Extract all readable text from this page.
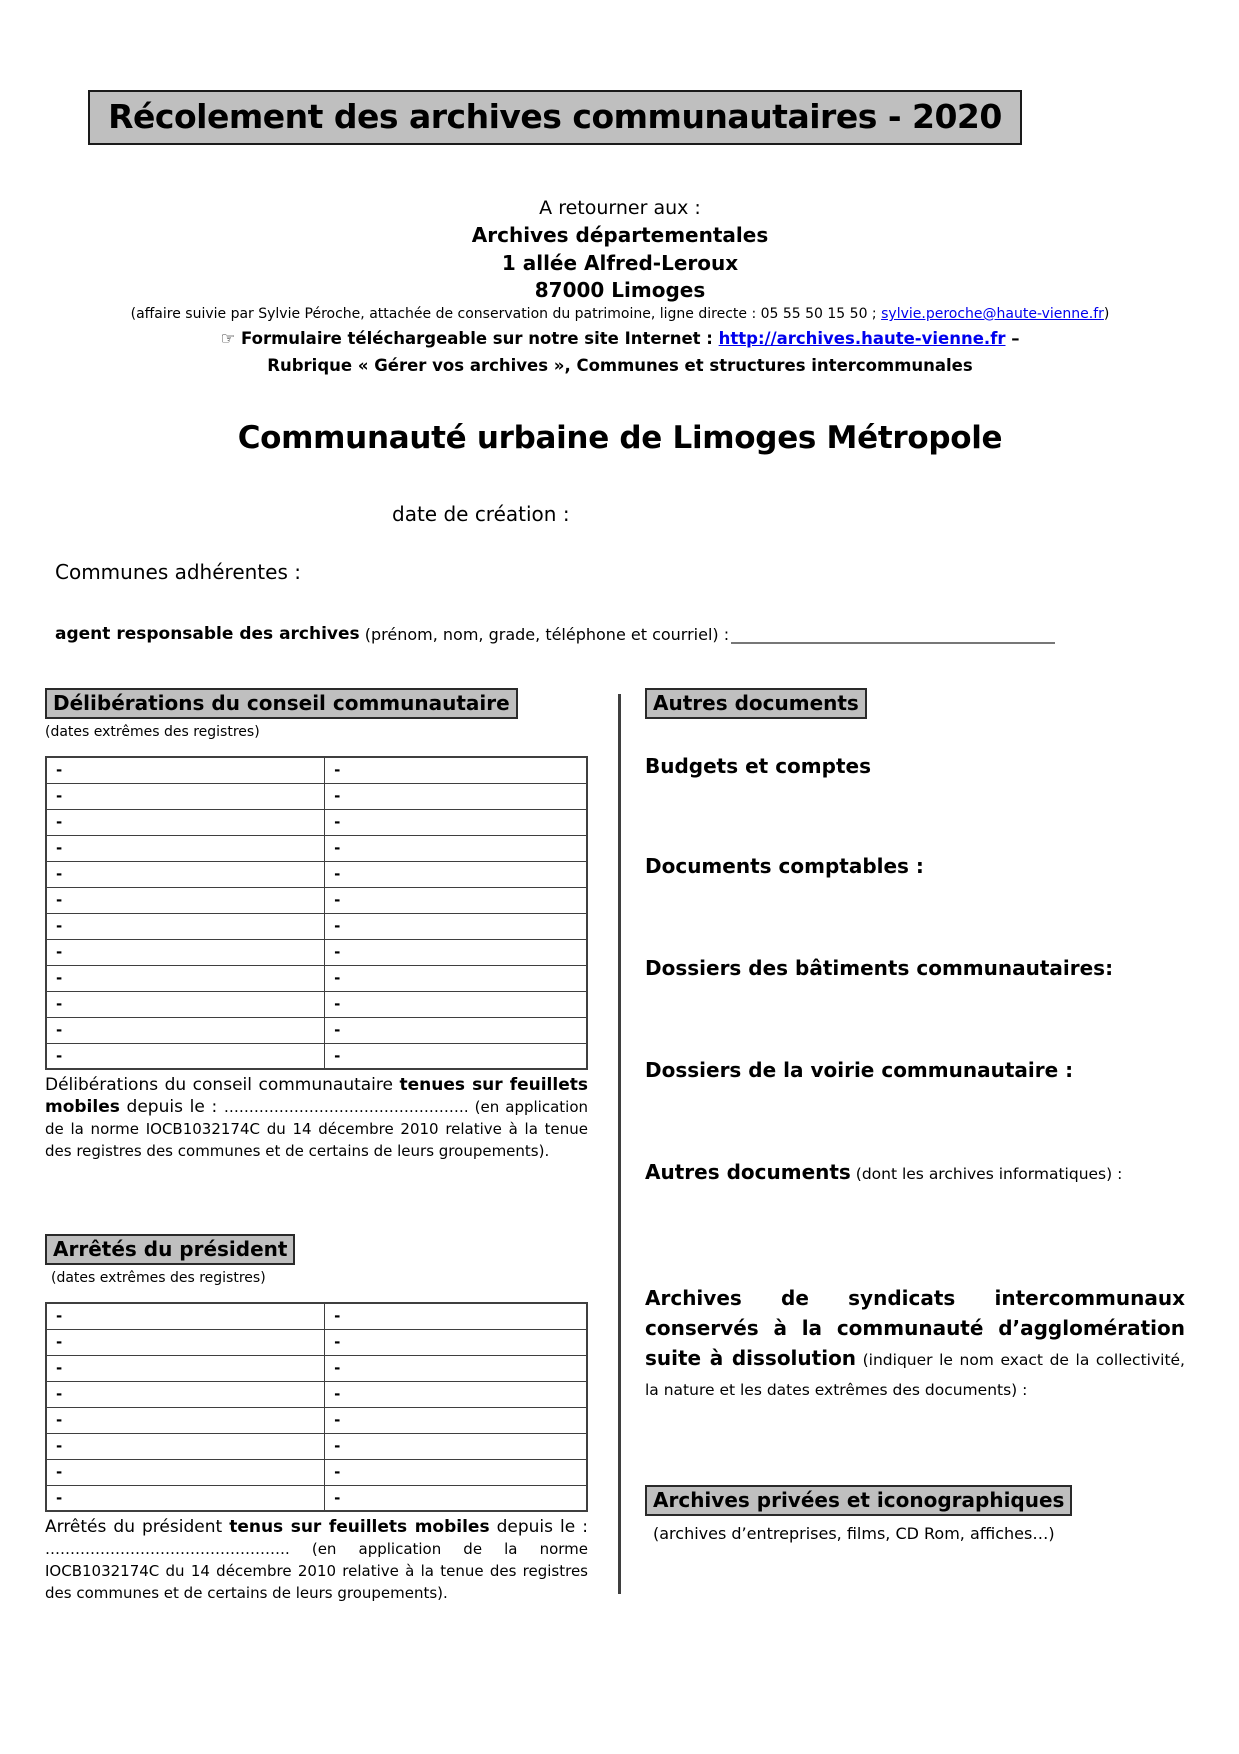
Récolement des archives communautaires - 2020
A retourner aux :
Archives départementales
1 allée Alfred-Leroux
87000 Limoges
(affaire suivie par Sylvie Péroche, attachée de conservation du patrimoine, ligne directe : 05 55 50 15 50 ; sylvie.peroche@haute-vienne.fr)
☞ Formulaire téléchargeable sur notre site Internet : http://archives.haute-vienne.fr –
Rubrique « Gérer vos archives », Communes et structures intercommunales
Communauté urbaine de Limoges Métropole
date de création :
Communes adhérentes :
agent responsable des archives (prénom, nom, grade, téléphone et courriel) :
Délibérations du conseil communautaire
(dates extrêmes des registres)
-	-
-	-
-	-
-	-
-	-
-	-
-	-
-	-
-	-
-	-
-	-
-	-
Délibérations du conseil communautaire tenues sur feuillets mobiles depuis le : …………………………………………. (en application de la norme IOCB1032174C du 14 décembre 2010 relative à la tenue des registres des communes et de certains de leurs groupements).
Arrêtés du président
(dates extrêmes des registres)
-	-
-	-
-	-
-	-
-	-
-	-
-	-
-	-
Arrêtés du président tenus sur feuillets mobiles depuis le : …………………………………………. (en application de la norme IOCB1032174C du 14 décembre 2010 relative à la tenue des registres des communes et de certains de leurs groupements).
Autres documents
Budgets et comptes
Documents comptables :
Dossiers des bâtiments communautaires:
Dossiers de la voirie communautaire :
Autres documents (dont les archives informatiques) :
Archives de syndicats intercommunaux conservés à la communauté d’agglomération suite à dissolution (indiquer le nom exact de la collectivité, la nature et les dates extrêmes des documents) :
Archives privées et iconographiques
(archives d’entreprises, films, CD Rom, affiches…)
